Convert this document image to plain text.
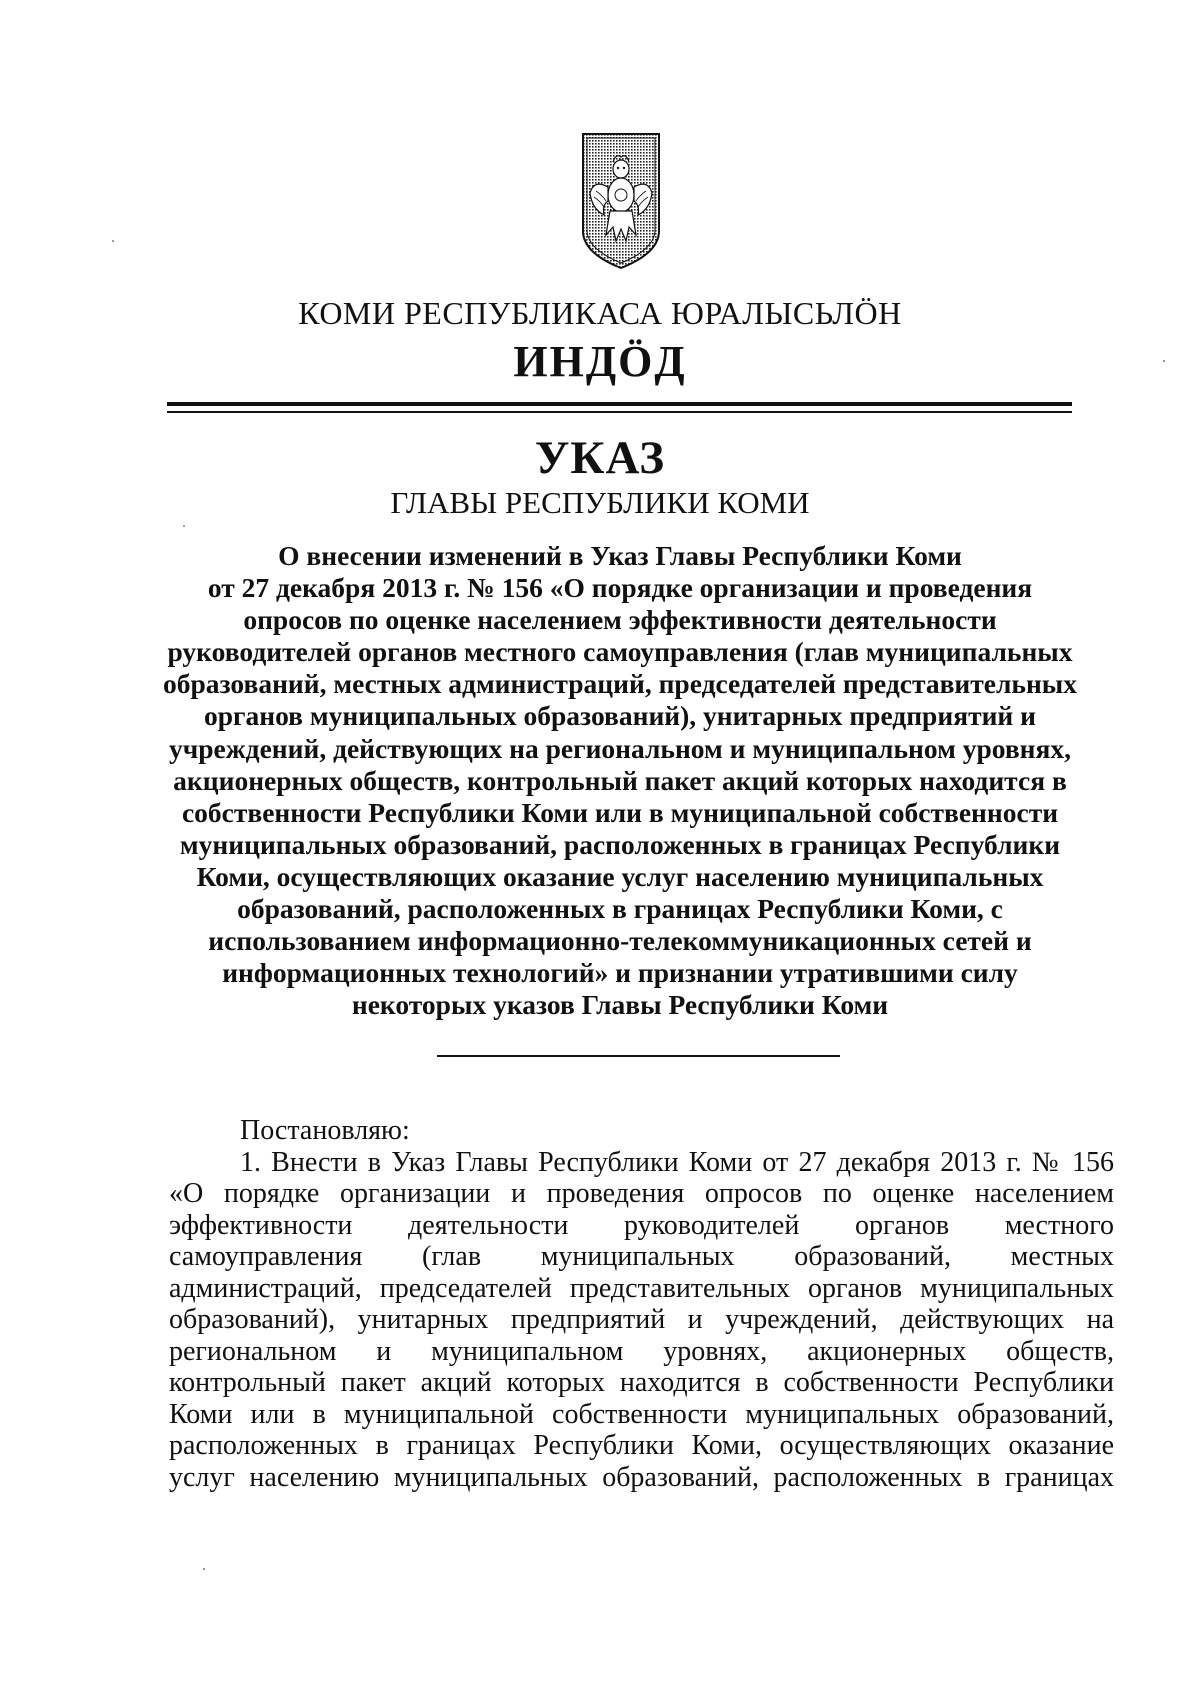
КОМИ РЕСПУБЛИКАСА ЮРАЛЫСЬЛÖН
ИНДÖД
УКАЗ
ГЛАВЫ РЕСПУБЛИКИ КОМИ
О внесении изменений в Указ Главы Республики Коми
от 27 декабря 2013 г. № 156 «О порядке организации и проведения
опросов по оценке населением эффективности деятельности
руководителей органов местного самоуправления (глав муниципальных
образований, местных администраций, председателей представительных
органов муниципальных образований), унитарных предприятий и
учреждений, действующих на региональном и муниципальном уровнях,
акционерных обществ, контрольный пакет акций которых находится в
собственности Республики Коми или в муниципальной собственности
муниципальных образований, расположенных в границах Республики
Коми, осуществляющих оказание услуг населению муниципальных
образований, расположенных в границах Республики Коми, с
использованием информационно-телекоммуникационных сетей и
информационных технологий» и признании утратившими силу
некоторых указов Главы Республики Коми
Постановляю:
1. Внести в Указ Главы Республики Коми от 27 декабря 2013 г. № 156
«О порядке организации и проведения опросов по оценке населением
эффективности деятельности руководителей органов местного
самоуправления (глав муниципальных образований, местных
администраций, председателей представительных органов муниципальных
образований), унитарных предприятий и учреждений, действующих на
региональном и муниципальном уровнях, акционерных обществ,
контрольный пакет акций которых находится в собственности Республики
Коми или в муниципальной собственности муниципальных образований,
расположенных в границах Республики Коми, осуществляющих оказание
услуг населению муниципальных образований, расположенных в границах
